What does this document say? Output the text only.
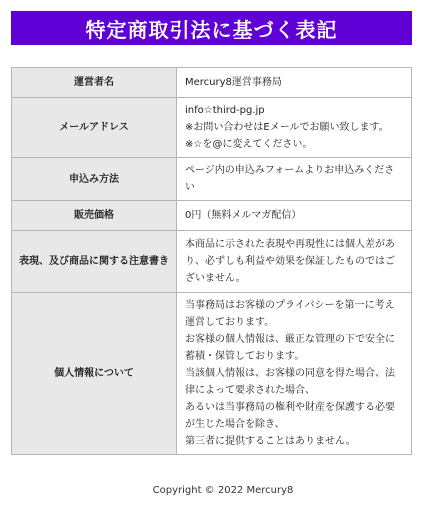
特定商取引法に基づく表記
運営者名	Mercury8運営事務局

メールアドレス	info☆third-pg.jp
※お問い合わせはEメールでお願い致します。
※☆を@に変えてください。

申込み方法	ページ内の申込みフォームよりお申込みください

販売価格	0円（無料メルマガ配信）

表現、及び商品に関する注意書き	本商品に示された表現や再現性には個人差があり、必ずしも利益や効果を保証したものではございません。

個人情報について	当事務局はお客様のプライバシーを第一に考え運営しております。
お客様の個人情報は、厳正な管理の下で安全に蓄積・保管しております。
当該個人情報は、お客様の同意を得た場合、法律によって要求された場合、
あるいは当事務局の権利や財産を保護する必要が生じた場合を除き、
第三者に提供することはありません。
Copyright © 2022 Mercury8
